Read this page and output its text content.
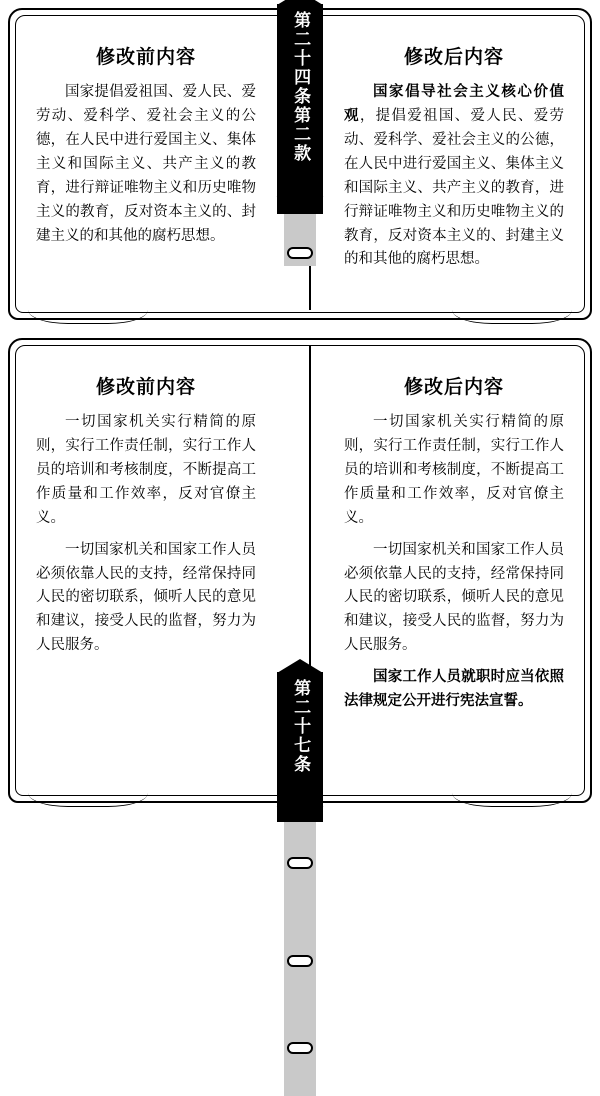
修改前内容
国家提倡爱祖国、爱人民、爱劳动、爱科学、爱社会主义的公德，在人民中进行爱国主义、集体主义和国际主义、共产主义的教育，进行辩证唯物主义和历史唯物主义的教育，反对资本主义的、封建主义的和其他的腐朽思想。
修改后内容
国家倡导社会主义核心价值观，提倡爱祖国、爱人民、爱劳动、爱科学、爱社会主义的公德，在人民中进行爱国主义、集体主义和国际主义、共产主义的教育，进行辩证唯物主义和历史唯物主义的教育，反对资本主义的、封建主义的和其他的腐朽思想。
第二十四条第二款
修改前内容
一切国家机关实行精简的原则，实行工作责任制，实行工作人员的培训和考核制度，不断提高工作质量和工作效率，反对官僚主义。
一切国家机关和国家工作人员必须依靠人民的支持，经常保持同人民的密切联系，倾听人民的意见和建议，接受人民的监督，努力为人民服务。
修改后内容
一切国家机关实行精简的原则，实行工作责任制，实行工作人员的培训和考核制度，不断提高工作质量和工作效率，反对官僚主义。
一切国家机关和国家工作人员必须依靠人民的支持，经常保持同人民的密切联系，倾听人民的意见和建议，接受人民的监督，努力为人民服务。
国家工作人员就职时应当依照法律规定公开进行宪法宣誓。
第二十七条
